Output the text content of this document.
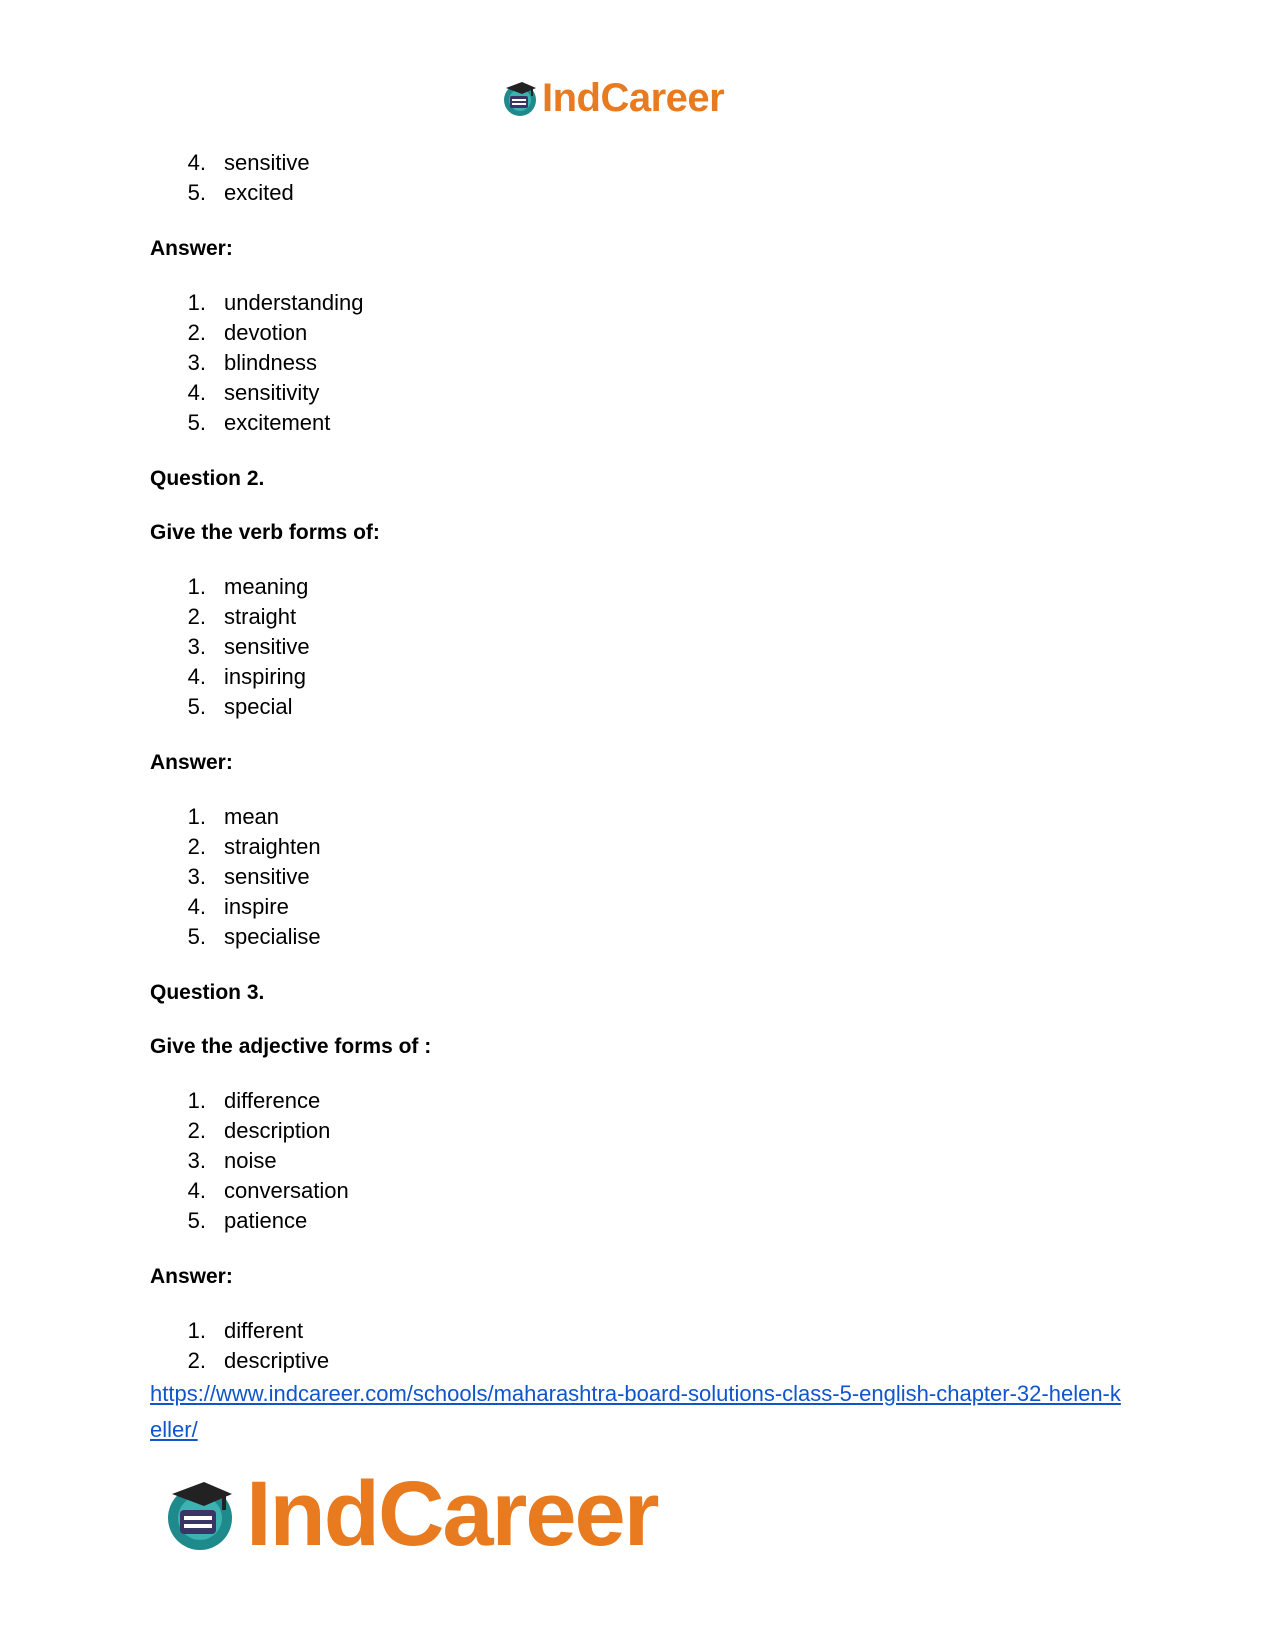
IndCareer
4. sensitive
5. excited

Answer:

1. understanding
2. devotion
3. blindness
4. sensitivity
5. excitement

Question 2.

Give the verb forms of:

1. meaning
2. straight
3. sensitive
4. inspiring
5. special

Answer:

1. mean
2. straighten
3. sensitive
4. inspire
5. specialise

Question 3.

Give the adjective forms of :

1. difference
2. description
3. noise
4. conversation
5. patience

Answer:

1. different
2. descriptive
https://www.indcareer.com/schools/maharashtra-board-solutions-class-5-english-chapter-32-helen-keller/
IndCareer
